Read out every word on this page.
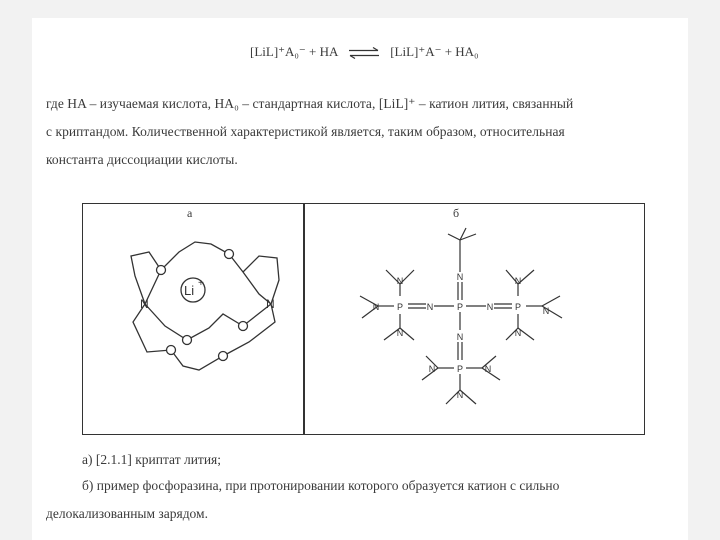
[LiL]⁺A₀⁻ + HA ⇌ [LiL]⁺A⁻ + HA₀
где HA – изучаемая кислота, HA₀ – стандартная кислота, [LiL]⁺ – катион лития, связанный
с криптандом. Количественной характеристикой является, таким образом, относительная
константа диссоциации кислоты.
а	б
Li +
N	N
N
P
N	N
N
P
N
N
N
P
N
N
N
P
N	N
N
а) [2.1.1] криптат лития;
б) пример фосфоразина, при протонировании которого образуется катион с сильно
делокализованным зарядом.
